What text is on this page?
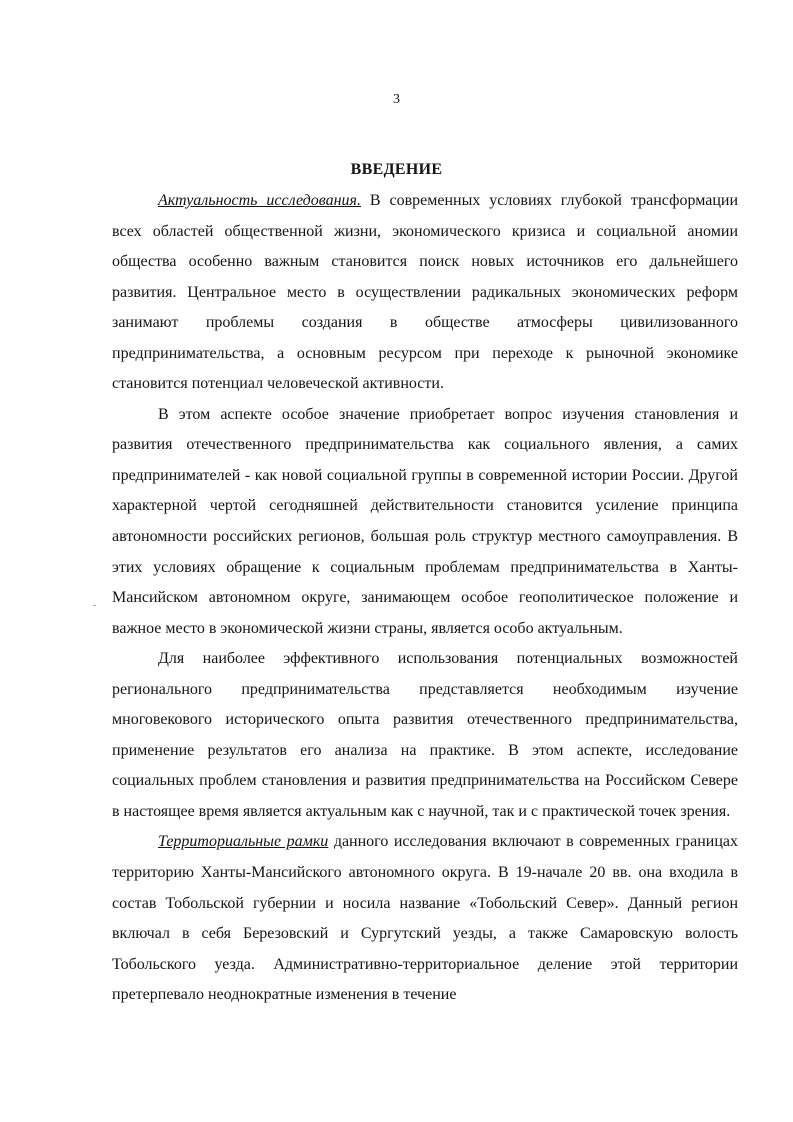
3
ВВЕДЕНИЕ

Актуальность исследования. В современных условиях глубокой трансформации всех областей общественной жизни, экономического кризиса и социальной аномии общества особенно важным становится поиск новых источников его дальнейшего развития. Центральное место в осуществлении радикальных экономических реформ занимают проблемы создания в обществе атмосферы цивилизованного предпринимательства, а основным ресурсом при переходе к рыночной экономике становится потенциал человеческой активности.

В этом аспекте особое значение приобретает вопрос изучения становления и развития отечественного предпринимательства как социального явления, а самих предпринимателей - как новой социальной группы в современной истории России. Другой характерной чертой сегодняшней действительности становится усиление принципа автономности российских регионов, большая роль структур местного самоуправления. В этих условиях обращение к социальным проблемам предпринимательства в Ханты-Мансийском автономном округе, занимающем особое геополитическое положение и важное место в экономической жизни страны, является особо актуальным.

Для наиболее эффективного использования потенциальных возможностей регионального предпринимательства представляется необходимым изучение многовекового исторического опыта развития отечественного предпринимательства, применение результатов его анализа на практике. В этом аспекте, исследование социальных проблем становления и развития предпринимательства на Российском Севере в настоящее время является актуальным как с научной, так и с практической точек зрения.

Территориальные рамки данного исследования включают в современных границах территорию Ханты-Мансийского автономного округа. В 19-начале 20 вв. она входила в состав Тобольской губернии и носила название «Тобольский Север». Данный регион включал в себя Березовский и Сургутский уезды, а также Самаровскую волость Тобольского уезда. Административно-территориальное деление этой территории претерпевало неоднократные изменения в течение
